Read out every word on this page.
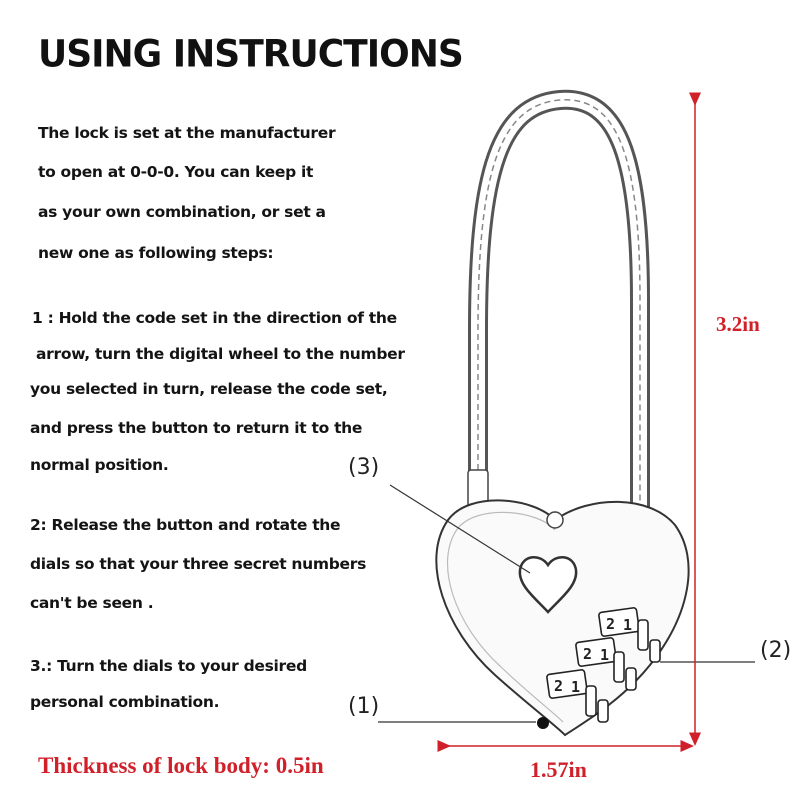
2 1
2 1
2 1
USING INSTRUCTIONS
The lock is set at the manufacturer
to open at 0-0-0. You can keep it
as your own combination, or set a
new one as following steps:
1 : Hold the code set in the direction of the
arrow, turn the digital wheel to the number
you selected in turn, release the code set,
and press the button to return it to the
normal position.
2: Release the button and rotate the
dials so that your three secret numbers
can't be seen .
3.: Turn the dials to your desired
personal combination.
(3)
(2)
(1)
3.2in
1.57in
Thickness of lock body: 0.5in
